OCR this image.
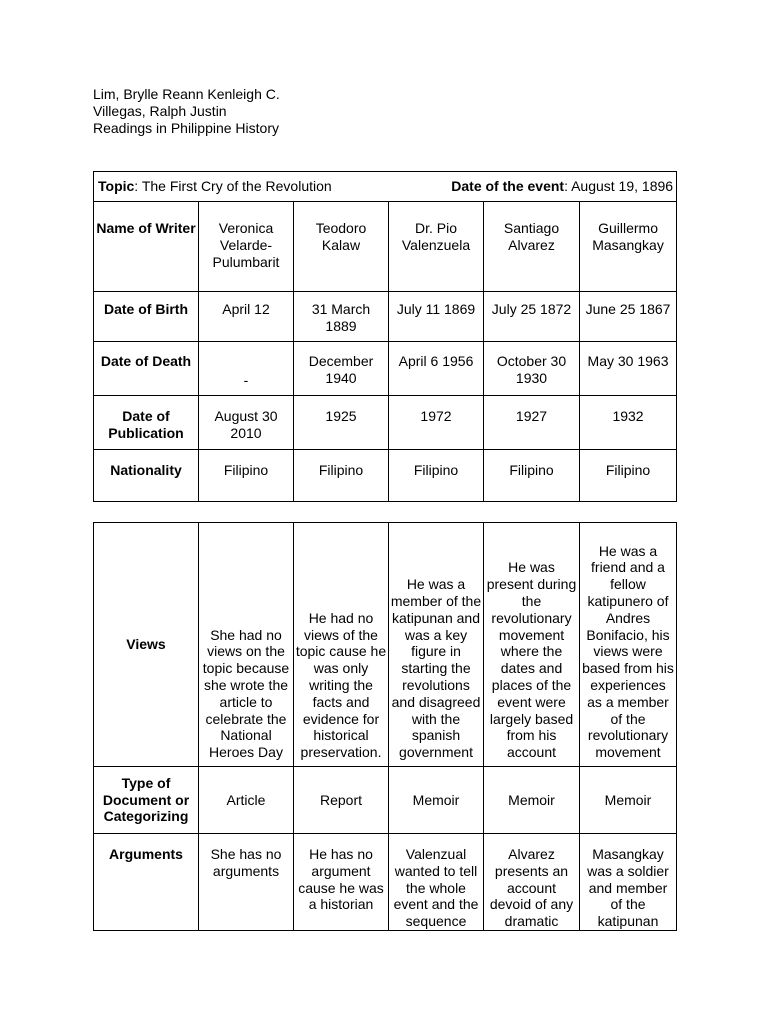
Lim, Brylle Reann Kenleigh C.
Villegas, Ralph Justin
Readings in Philippine History
Topic: The First Cry of the Revolution Date of the event: August 19, 1896					

Name of Writer	Veronica Velarde-Pulumbarit	Teodoro Kalaw	Dr. Pio Valenzuela	Santiago Alvarez	Guillermo Masangkay
Date of Birth	April 12	31 March 1889	July 11 1869	July 25 1872	June 25 1867
Date of Death	-	December 1940	April 6 1956	October 30 1930	May 30 1963
Date of Publication	August 30 2010	1925	1972	1927	1932
Nationality	Filipino	Filipino	Filipino	Filipino	Filipino
Views	She had no views on the topic because she wrote the article to celebrate the National Heroes Day	He had no views of the topic cause he was only writing the facts and evidence for historical preservation.	He was a member of the katipunan and was a key figure in starting the revolutions and disagreed with the spanish government	He was present during the revolutionary movement where the dates and places of the event were largely based from his account	He was a friend and a fellow katipunero of Andres Bonifacio, his views were based from his experiences as a member of the revolutionary movement
Type of Document or Categorizing	Article	Report	Memoir	Memoir	Memoir
Arguments	She has no arguments	He has no argument cause he was a historian	Valenzual wanted to tell the whole event and the sequence	Alvarez presents an account devoid of any dramatic	Masangkay was a soldier and member of the katipunan
